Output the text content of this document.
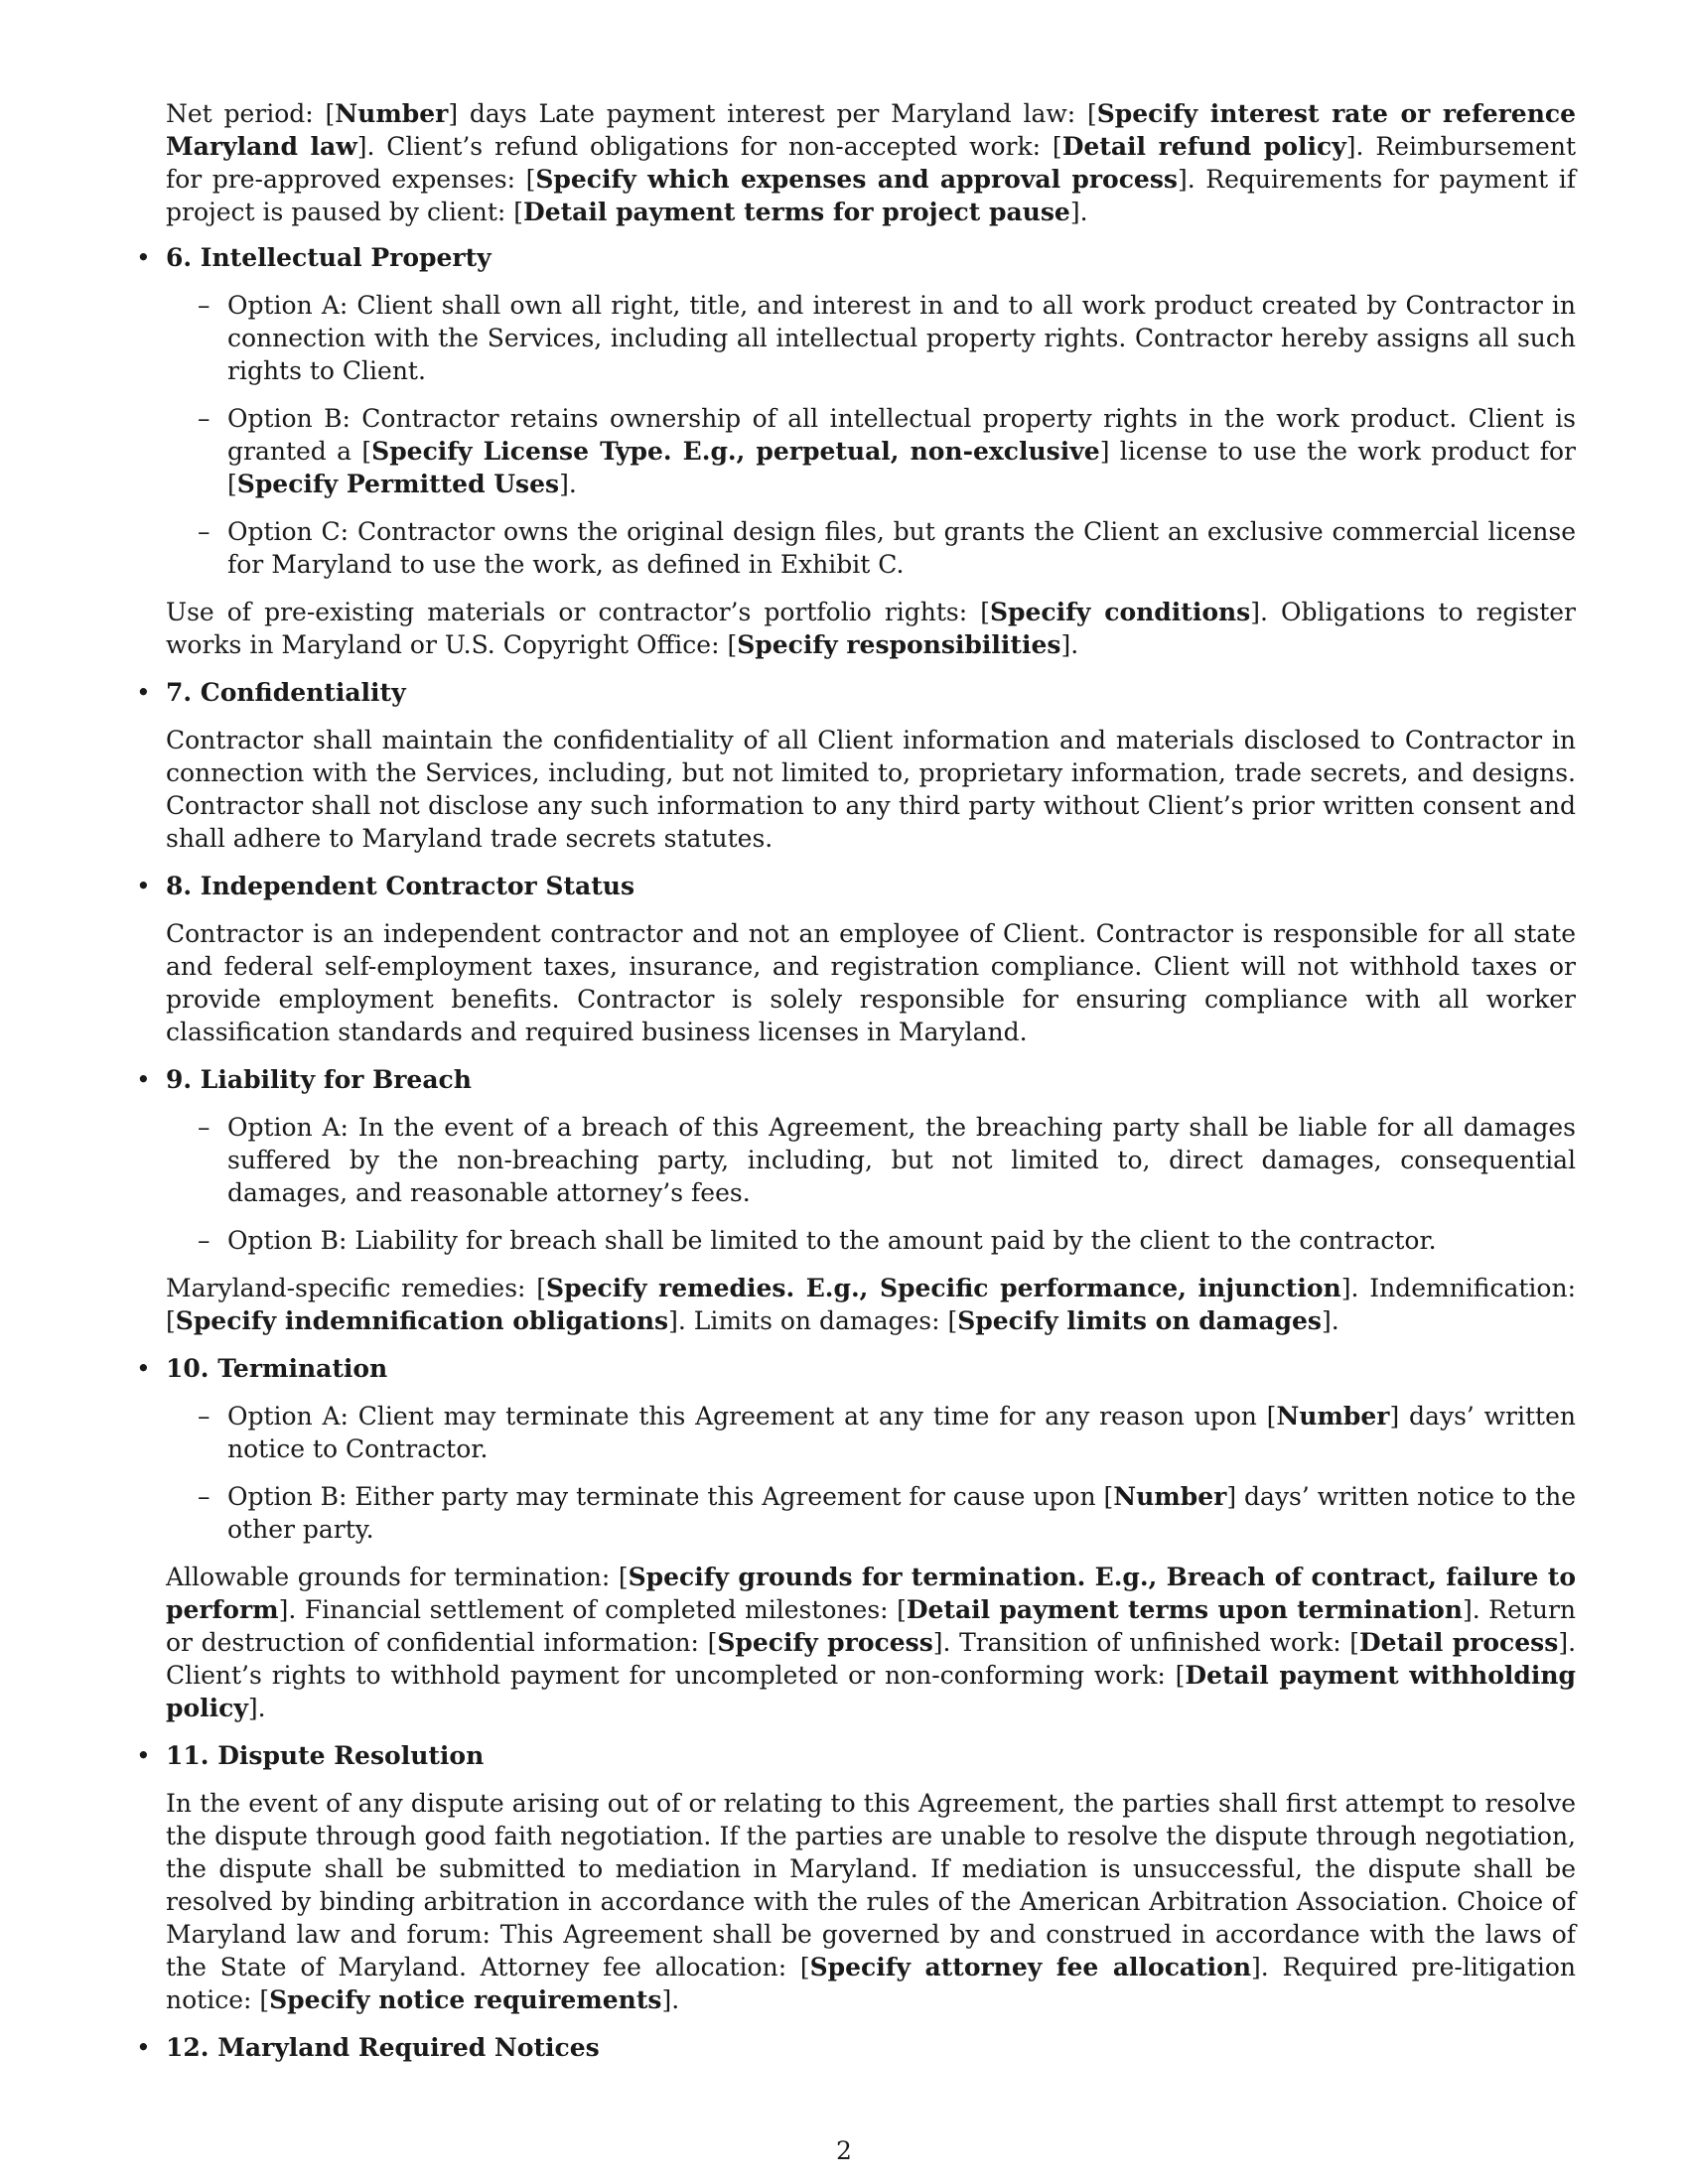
Net period: [Number] days Late payment interest per Maryland law: [Specify interest rate or reference Maryland law]. Client’s refund obligations for non-accepted work: [Detail refund policy]. Reimbursement for pre-approved expenses: [Specify which expenses and approval process]. Requirements for payment if project is paused by client: [Detail payment terms for project pause].

• 6. Intellectual Property

– Option A: Client shall own all right, title, and interest in and to all work product created by Contractor in connection with the Services, including all intellectual property rights. Contractor hereby assigns all such rights to Client.

– Option B: Contractor retains ownership of all intellectual property rights in the work product. Client is granted a [Specify License Type. E.g., perpetual, non-exclusive] license to use the work product for [Specify Permitted Uses].

– Option C: Contractor owns the original design files, but grants the Client an exclusive commercial license for Maryland to use the work, as defined in Exhibit C.

Use of pre-existing materials or contractor’s portfolio rights: [Specify conditions]. Obligations to register works in Maryland or U.S. Copyright Office: [Specify responsibilities].

• 7. Confidentiality

Contractor shall maintain the confidentiality of all Client information and materials disclosed to Contractor in connection with the Services, including, but not limited to, proprietary information, trade secrets, and designs. Contractor shall not disclose any such information to any third party without Client’s prior written consent and shall adhere to Maryland trade secrets statutes.

• 8. Independent Contractor Status

Contractor is an independent contractor and not an employee of Client. Contractor is responsible for all state and federal self-employment taxes, insurance, and registration compliance. Client will not withhold taxes or provide employment benefits. Contractor is solely responsible for ensuring compliance with all worker classification standards and required business licenses in Maryland.

• 9. Liability for Breach

– Option A: In the event of a breach of this Agreement, the breaching party shall be liable for all damages suffered by the non-breaching party, including, but not limited to, direct damages, consequential damages, and reasonable attorney’s fees.

– Option B: Liability for breach shall be limited to the amount paid by the client to the contractor.

Maryland-specific remedies: [Specify remedies. E.g., Specific performance, injunction]. Indemnification: [Specify indemnification obligations]. Limits on damages: [Specify limits on damages].

• 10. Termination

– Option A: Client may terminate this Agreement at any time for any reason upon [Number] days’ written notice to Contractor.

– Option B: Either party may terminate this Agreement for cause upon [Number] days’ written notice to the other party.

Allowable grounds for termination: [Specify grounds for termination. E.g., Breach of contract, failure to perform]. Financial settlement of completed milestones: [Detail payment terms upon termination]. Return or destruction of confidential information: [Specify process]. Transition of unfinished work: [Detail process]. Client’s rights to withhold payment for uncompleted or non-conforming work: [Detail payment withholding policy].

• 11. Dispute Resolution

In the event of any dispute arising out of or relating to this Agreement, the parties shall first attempt to resolve the dispute through good faith negotiation. If the parties are unable to resolve the dispute through negotiation, the dispute shall be submitted to mediation in Maryland. If mediation is unsuccessful, the dispute shall be resolved by binding arbitration in accordance with the rules of the American Arbitration Association. Choice of Maryland law and forum: This Agreement shall be governed by and construed in accordance with the laws of the State of Maryland. Attorney fee allocation: [Specify attorney fee allocation]. Required pre-litigation notice: [Specify notice requirements].

• 12. Maryland Required Notices
2
